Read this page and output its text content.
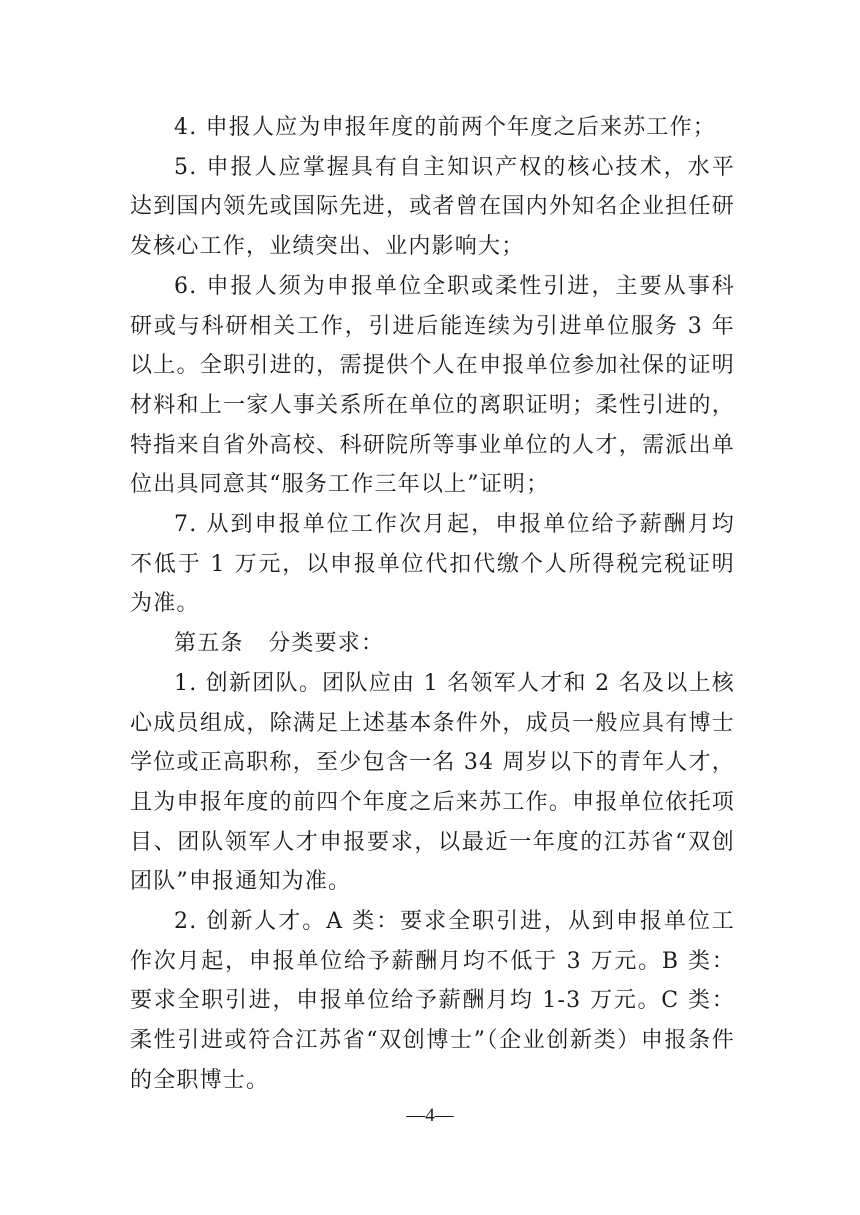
4. 申报人应为申报年度的前两个年度之后来苏工作；

5. 申报人应掌握具有自主知识产权的核心技术，水平达到国内领先或国际先进，或者曾在国内外知名企业担任研发核心工作，业绩突出、业内影响大；

6. 申报人须为申报单位全职或柔性引进，主要从事科研或与科研相关工作，引进后能连续为引进单位服务 3 年以上。全职引进的，需提供个人在申报单位参加社保的证明材料和上一家人事关系所在单位的离职证明；柔性引进的，特指来自省外高校、科研院所等事业单位的人才，需派出单位出具同意其“服务工作三年以上”证明；

7. 从到申报单位工作次月起，申报单位给予薪酬月均不低于 1 万元，以申报单位代扣代缴个人所得税完税证明为准。

第五条   分类要求：

1. 创新团队。团队应由 1 名领军人才和 2 名及以上核心成员组成，除满足上述基本条件外，成员一般应具有博士学位或正高职称，至少包含一名 34 周岁以下的青年人才，且为申报年度的前四个年度之后来苏工作。申报单位依托项目、团队领军人才申报要求，以最近一年度的江苏省“双创团队”申报通知为准。

2. 创新人才。A 类：要求全职引进，从到申报单位工作次月起，申报单位给予薪酬月均不低于 3 万元。B 类：要求全职引进，申报单位给予薪酬月均 1-3 万元。C 类：柔性引进或符合江苏省“双创博士”（企业创新类）申报条件的全职博士。

—4—
